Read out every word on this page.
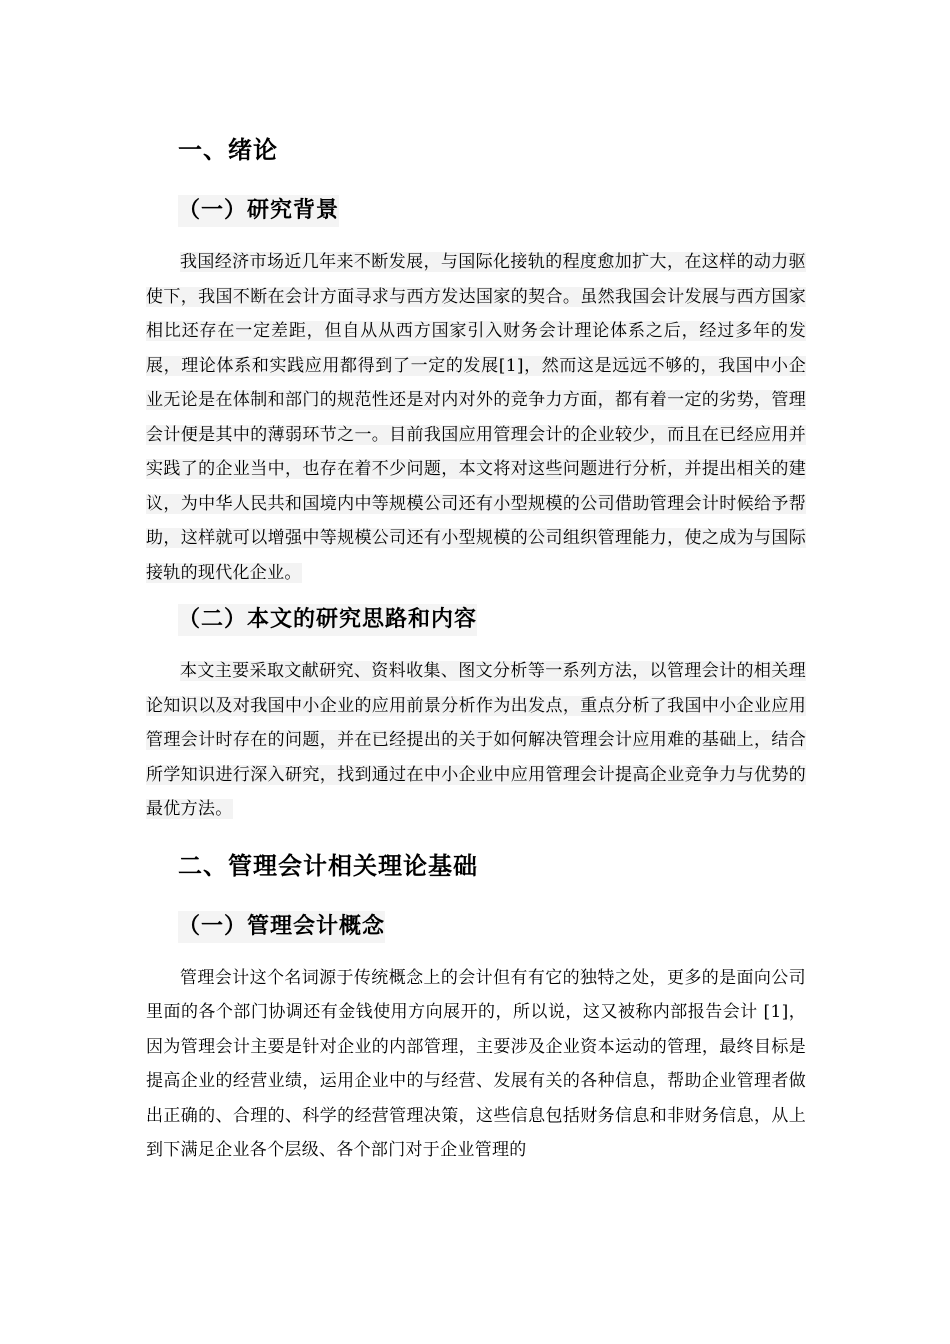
一、绪论
（一）研究背景

我国经济市场近几年来不断发展，与国际化接轨的程度愈加扩大，在这样的动力驱使下，我国不断在会计方面寻求与西方发达国家的契合。虽然我国会计发展与西方国家相比还存在一定差距，但自从从西方国家引入财务会计理论体系之后，经过多年的发展，理论体系和实践应用都得到了一定的发展[1]，然而这是远远不够的，我国中小企业无论是在体制和部门的规范性还是对内对外的竞争力方面，都有着一定的劣势，管理会计便是其中的薄弱环节之一。目前我国应用管理会计的企业较少，而且在已经应用并实践了的企业当中，也存在着不少问题，本文将对这些问题进行分析，并提出相关的建议，为中华人民共和国境内中等规模公司还有小型规模的公司借助管理会计时候给予帮助，这样就可以增强中等规模公司还有小型规模的公司组织管理能力，使之成为与国际接轨的现代化企业。

（二）本文的研究思路和内容

本文主要采取文献研究、资料收集、图文分析等一系列方法，以管理会计的相关理论知识以及对我国中小企业的应用前景分析作为出发点，重点分析了我国中小企业应用管理会计时存在的问题，并在已经提出的关于如何解决管理会计应用难的基础上，结合所学知识进行深入研究，找到通过在中小企业中应用管理会计提高企业竞争力与优势的最优方法。

二、管理会计相关理论基础
（一）管理会计概念

管理会计这个名词源于传统概念上的会计但有有它的独特之处，更多的是面向公司里面的各个部门协调还有金钱使用方向展开的，所以说，这又被称内部报告会计 [1]，因为管理会计主要是针对企业的内部管理，主要涉及企业资本运动的管理，最终目标是提高企业的经营业绩，运用企业中的与经营、发展有关的各种信息，帮助企业管理者做出正确的、合理的、科学的经营管理决策，这些信息包括财务信息和非财务信息，从上到下满足企业各个层级、各个部门对于企业管理的
